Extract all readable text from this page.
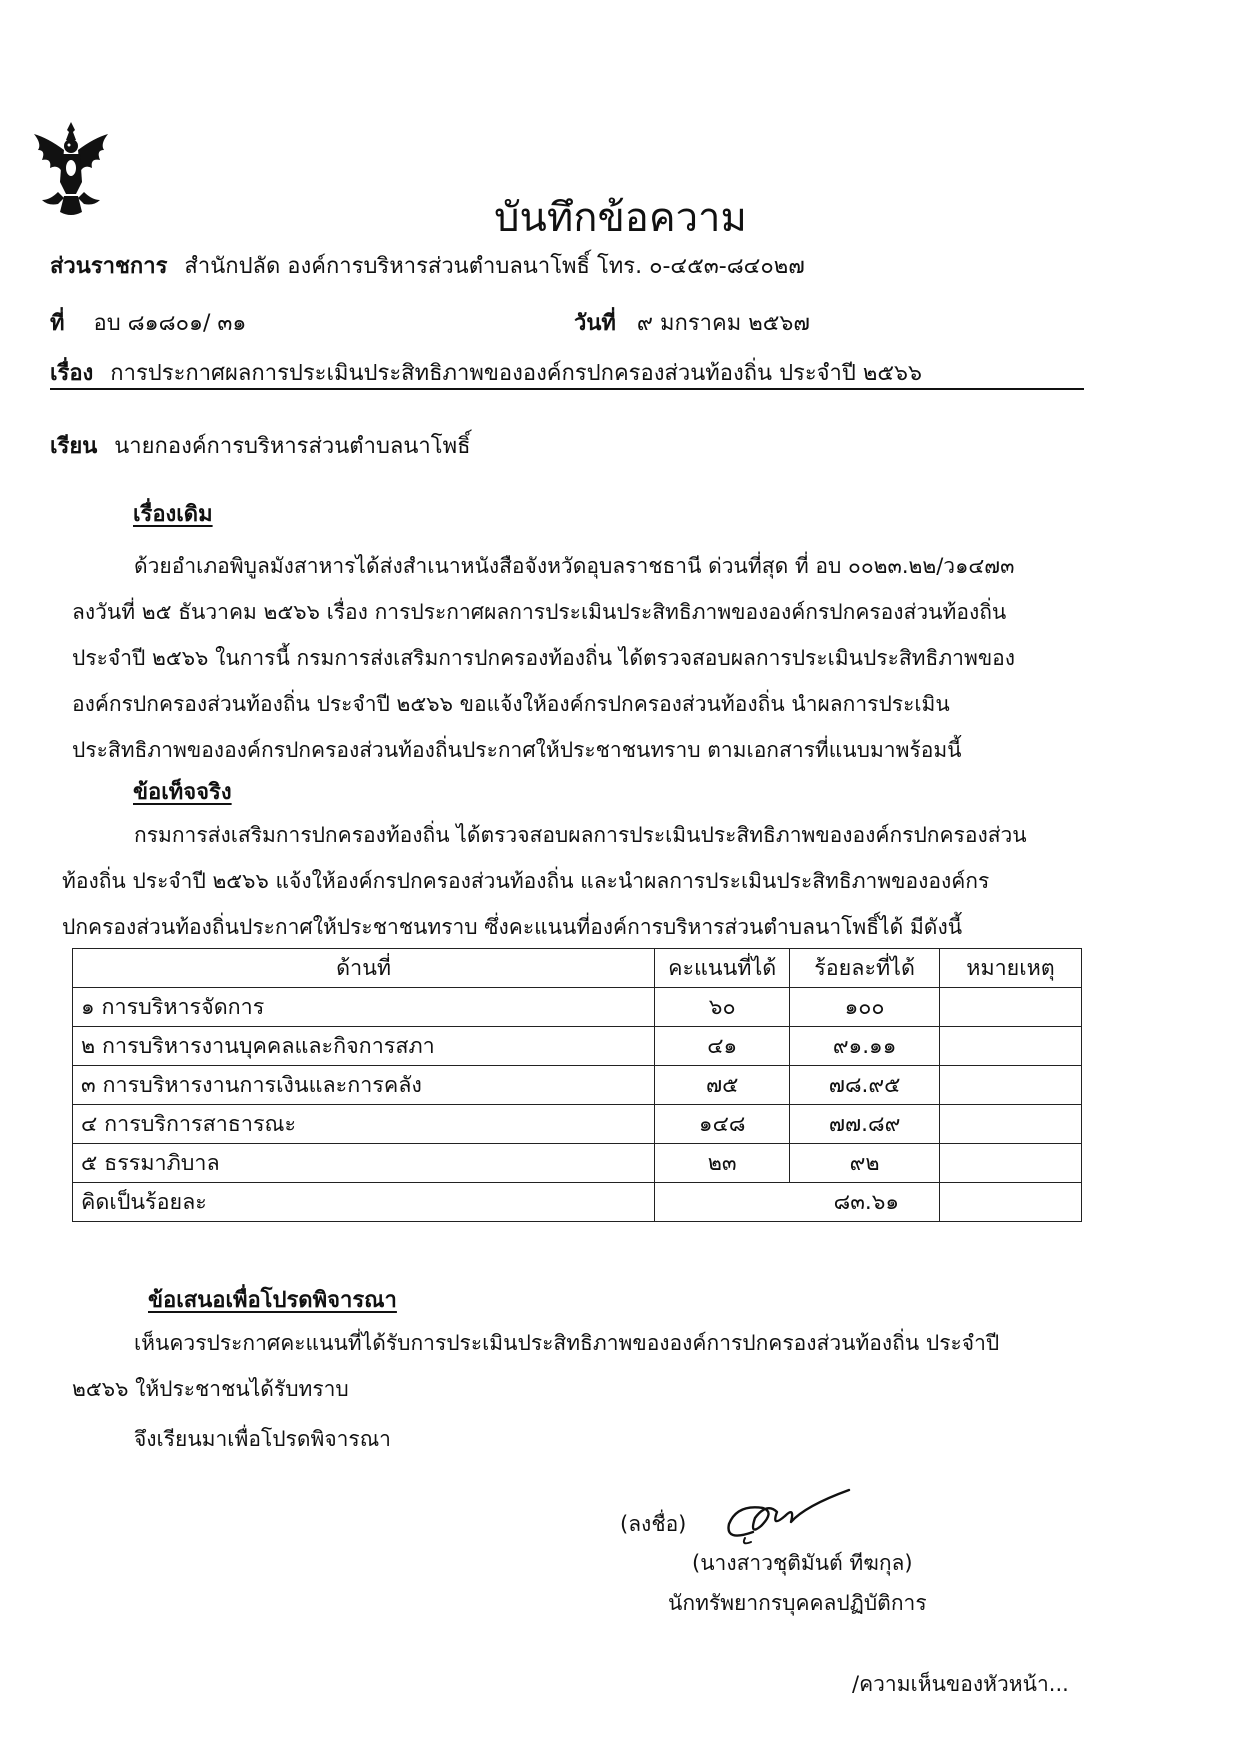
บันทึกข้อความ
ส่วนราชการ สำนักปลัด องค์การบริหารส่วนตำบลนาโพธิ์ โทร. ๐-๔๕๓-๘๔๐๒๗
ที่ อบ ๘๑๘๐๑/ ๓๑	วันที่ ๙ มกราคม ๒๕๖๗
เรื่อง การประกาศผลการประเมินประสิทธิภาพขององค์กรปกครองส่วนท้องถิ่น ประจำปี ๒๕๖๖
เรียน นายกองค์การบริหารส่วนตำบลนาโพธิ์
เรื่องเดิม
ด้วยอำเภอพิบูลมังสาหารได้ส่งสำเนาหนังสือจังหวัดอุบลราชธานี ด่วนที่สุด ที่ อบ ๐๐๒๓.๒๒/ว๑๔๗๓
ลงวันที่ ๒๕ ธันวาคม ๒๕๖๖ เรื่อง การประกาศผลการประเมินประสิทธิภาพขององค์กรปกครองส่วนท้องถิ่น
ประจำปี ๒๕๖๖ ในการนี้ กรมการส่งเสริมการปกครองท้องถิ่น ได้ตรวจสอบผลการประเมินประสิทธิภาพของ
องค์กรปกครองส่วนท้องถิ่น ประจำปี ๒๕๖๖ ขอแจ้งให้องค์กรปกครองส่วนท้องถิ่น นำผลการประเมิน
ประสิทธิภาพขององค์กรปกครองส่วนท้องถิ่นประกาศให้ประชาชนทราบ ตามเอกสารที่แนบมาพร้อมนี้
ข้อเท็จจริง
กรมการส่งเสริมการปกครองท้องถิ่น ได้ตรวจสอบผลการประเมินประสิทธิภาพขององค์กรปกครองส่วน
ท้องถิ่น ประจำปี ๒๕๖๖ แจ้งให้องค์กรปกครองส่วนท้องถิ่น และนำผลการประเมินประสิทธิภาพขององค์กร
ปกครองส่วนท้องถิ่นประกาศให้ประชาชนทราบ ซึ่งคะแนนที่องค์การบริหารส่วนตำบลนาโพธิ์ได้ มีดังนี้
ด้านที่	คะแนนที่ได้	ร้อยละที่ได้	หมายเหตุ
๑ การบริหารจัดการ	๖๐	๑๐๐	
๒ การบริหารงานบุคคลและกิจการสภา	๔๑	๙๑.๑๑	
๓ การบริหารงานการเงินและการคลัง	๗๕	๗๘.๙๕	
๔ การบริการสาธารณะ	๑๔๘	๗๗.๘๙	
๕ ธรรมาภิบาล	๒๓	๙๒	
คิดเป็นร้อยละ	๘๓.๖๑		
ข้อเสนอเพื่อโปรดพิจารณา
เห็นควรประกาศคะแนนที่ได้รับการประเมินประสิทธิภาพขององค์การปกครองส่วนท้องถิ่น ประจำปี
๒๕๖๖ ให้ประชาชนได้รับทราบ
จึงเรียนมาเพื่อโปรดพิจารณา
(ลงชื่อ)
(นางสาวชุติมันต์ ทีฆกุล)
นักทรัพยากรบุคคลปฏิบัติการ
/ความเห็นของหัวหน้า...
